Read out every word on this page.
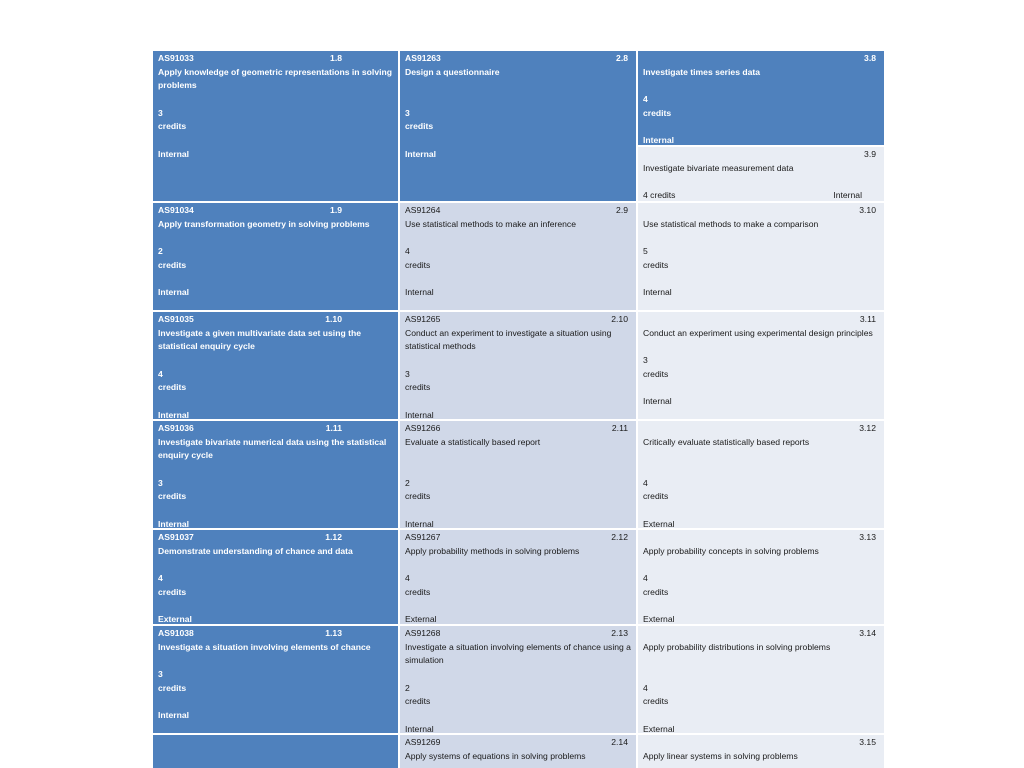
AS91033	1.8
Apply knowledge of geometric representations in solving problems
3
credits
Internal
AS91263	2.8
Design a questionnaire
3
credits
Internal
3.8
Investigate times series data
4
credits
Internal
3.9
Investigate bivariate measurement data
4 credits	Internal
AS91034	1.9
Apply transformation geometry in solving problems
2
credits
Internal
AS91264	2.9
Use statistical methods to make an inference
4
credits
Internal
3.10
Use statistical methods to make a comparison
5
credits
Internal
AS91035	1.10
Investigate a given multivariate data set using the statistical enquiry cycle
4
credits
Internal
AS91265	2.10
Conduct an experiment to investigate a situation using statistical methods
3
credits
Internal
3.11
Conduct an experiment using experimental design principles
3
credits
Internal
AS91036	1.11
Investigate bivariate numerical data using the statistical enquiry cycle
3
credits
Internal
AS91266	2.11
Evaluate a statistically based report
2
credits
Internal
3.12
Critically evaluate statistically based reports
4
credits
External
AS91037	1.12
Demonstrate understanding of chance and data
4
credits
External
AS91267	2.12
Apply probability methods in solving problems
4
credits
External
3.13
Apply probability concepts in solving problems
4
credits
External
AS91038	1.13
Investigate a situation involving elements of chance
3
credits
Internal
AS91268	2.13
Investigate a situation involving elements of chance using a simulation
2
credits
Internal
3.14
Apply probability distributions in solving problems
4
credits
External
AS91269	2.14
Apply systems of equations in solving problems
3.15
Apply linear systems in solving problems
